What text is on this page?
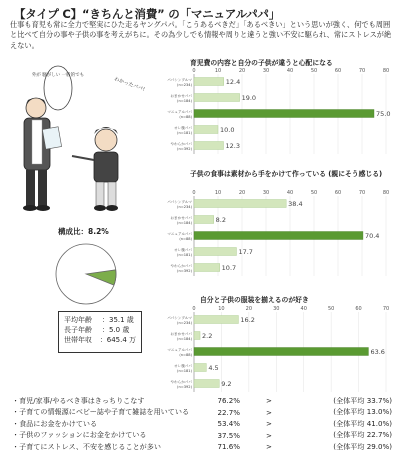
【タイプ C】“きちんと消費” の「マニュアルパパ」
仕事も育児も常に全力で堅実にひた走るヤングパパ。「こうあるべきだ」「あるべきい」という思いが強く、何でも周囲と比べて自分の事や子供の事を考えがちに。その為少しでも情報や周りと違うと強い不安に駆られ、常にストレスが絶えない。
外が 騒がしい 一般的でも
わかったパパ!
構成比：8.2%
平均年齢	：35.1 歳
長子年齢	：5.0 歳
世帯年収	：645.4 万
育児費の内容と自分の子供が違うと心配になる
0	10	20	30	40	50	60	70	80
パパシンプルマ
(n=234)	12.4
おまかせパパ
(n=184)	19.0
マニュアルパパ
(n=88)	75.0
オレ様パパ
(n=181)	10.0
やわらかパパ
(n=392)	12.3
子供の食事は素材から手をかけて作っている (親にそう感じる)
0	10	20	30	40	50	60	70	80
パパシンプルマ
(n=234)	38.4
おまかせパパ
(n=184)	8.2
マニュアルパパ
(n=88)	70.4
オレ様パパ
(n=181)	17.7
やわらかパパ
(n=392)	10.7
自分と子供の服装を揃えるのが好き
0	10	20	30	40	50	60	70
パパシンプルマ
(n=234)	16.2
おまかせパパ
(n=184) 2.2
マニュアルパパ
(n=88)	63.6
オレ様パパ
(n=181)	4.5
やわらかパパ
(n=392)	9.2
・育児/家事/やるべき事はきっちりこなす	76.2%	>	(全体平均 33.7%)
・子育ての情報源にベビー誌や子育て雑誌を用いている	22.7%	>	(全体平均 13.0%)
・食品にお金をかけている	53.4%	>	(全体平均 41.0%)
・子供のファッションにお金をかけている	37.5%	>	(全体平均 22.7%)
・子育てにストレス、不安を感じることが多い	71.6%	>	(全体平均 29.0%)
